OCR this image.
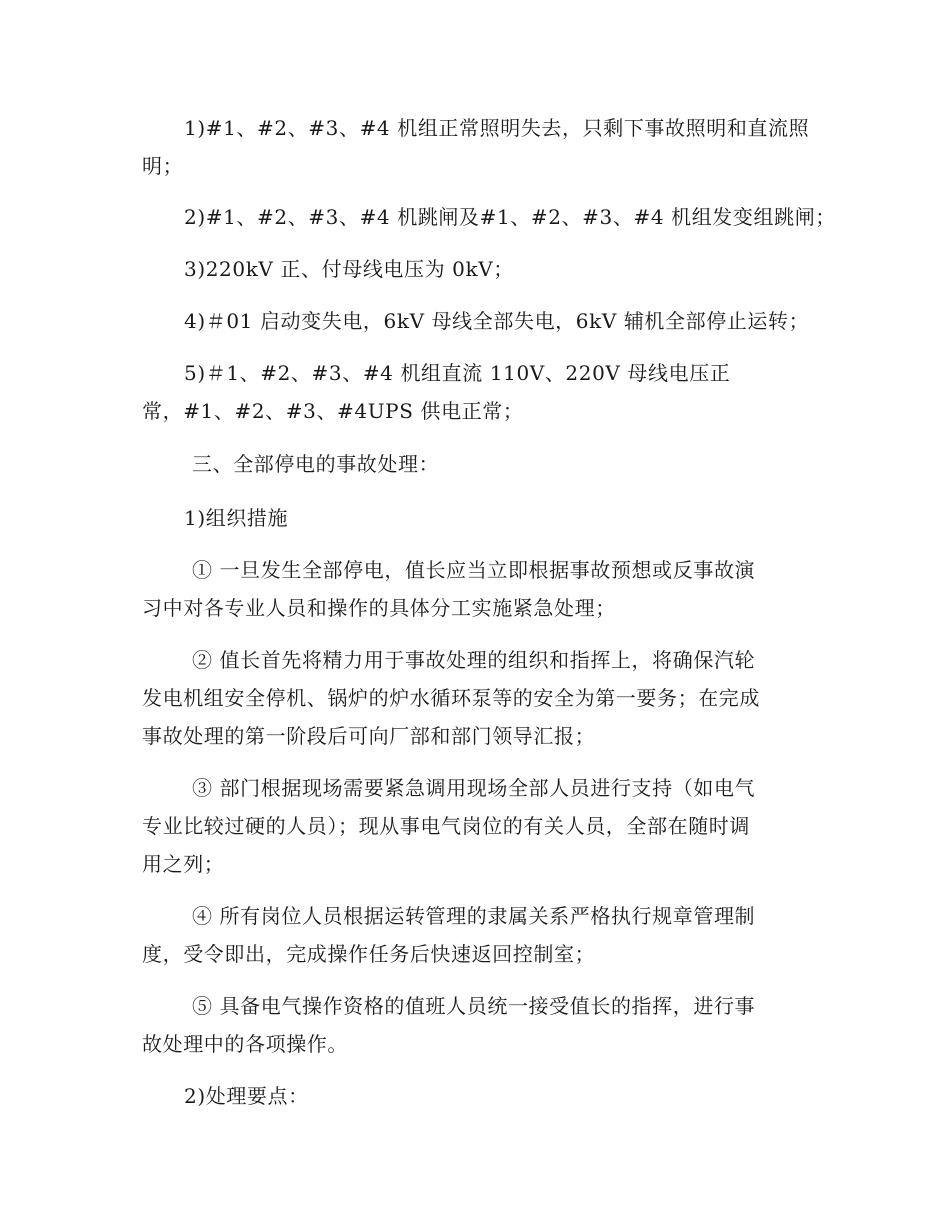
1)#1、#2、#3、#4 机组正常照明失去，只剩下事故照明和直流照
明；
2)#1、#2、#3、#4 机跳闸及#1、#2、#3、#4 机组发变组跳闸；
3)220kV 正、付母线电压为 0kV；
4)＃01 启动变失电，6kV 母线全部失电，6kV 辅机全部停止运转；
5)＃1、#2、#3、#4 机组直流 110V、220V 母线电压正
常，#1、#2、#3、#4UPS 供电正常；
三、全部停电的事故处理：
1)组织措施
① 一旦发生全部停电，值长应当立即根据事故预想或反事故演
习中对各专业人员和操作的具体分工实施紧急处理；
② 值长首先将精力用于事故处理的组织和指挥上，将确保汽轮
发电机组安全停机、锅炉的炉水循环泵等的安全为第一要务；在完成
事故处理的第一阶段后可向厂部和部门领导汇报；
③ 部门根据现场需要紧急调用现场全部人员进行支持（如电气
专业比较过硬的人员）；现从事电气岗位的有关人员，全部在随时调
用之列；
④ 所有岗位人员根据运转管理的隶属关系严格执行规章管理制
度，受令即出，完成操作任务后快速返回控制室；
⑤ 具备电气操作资格的值班人员统一接受值长的指挥，进行事
故处理中的各项操作。
2)处理要点：
